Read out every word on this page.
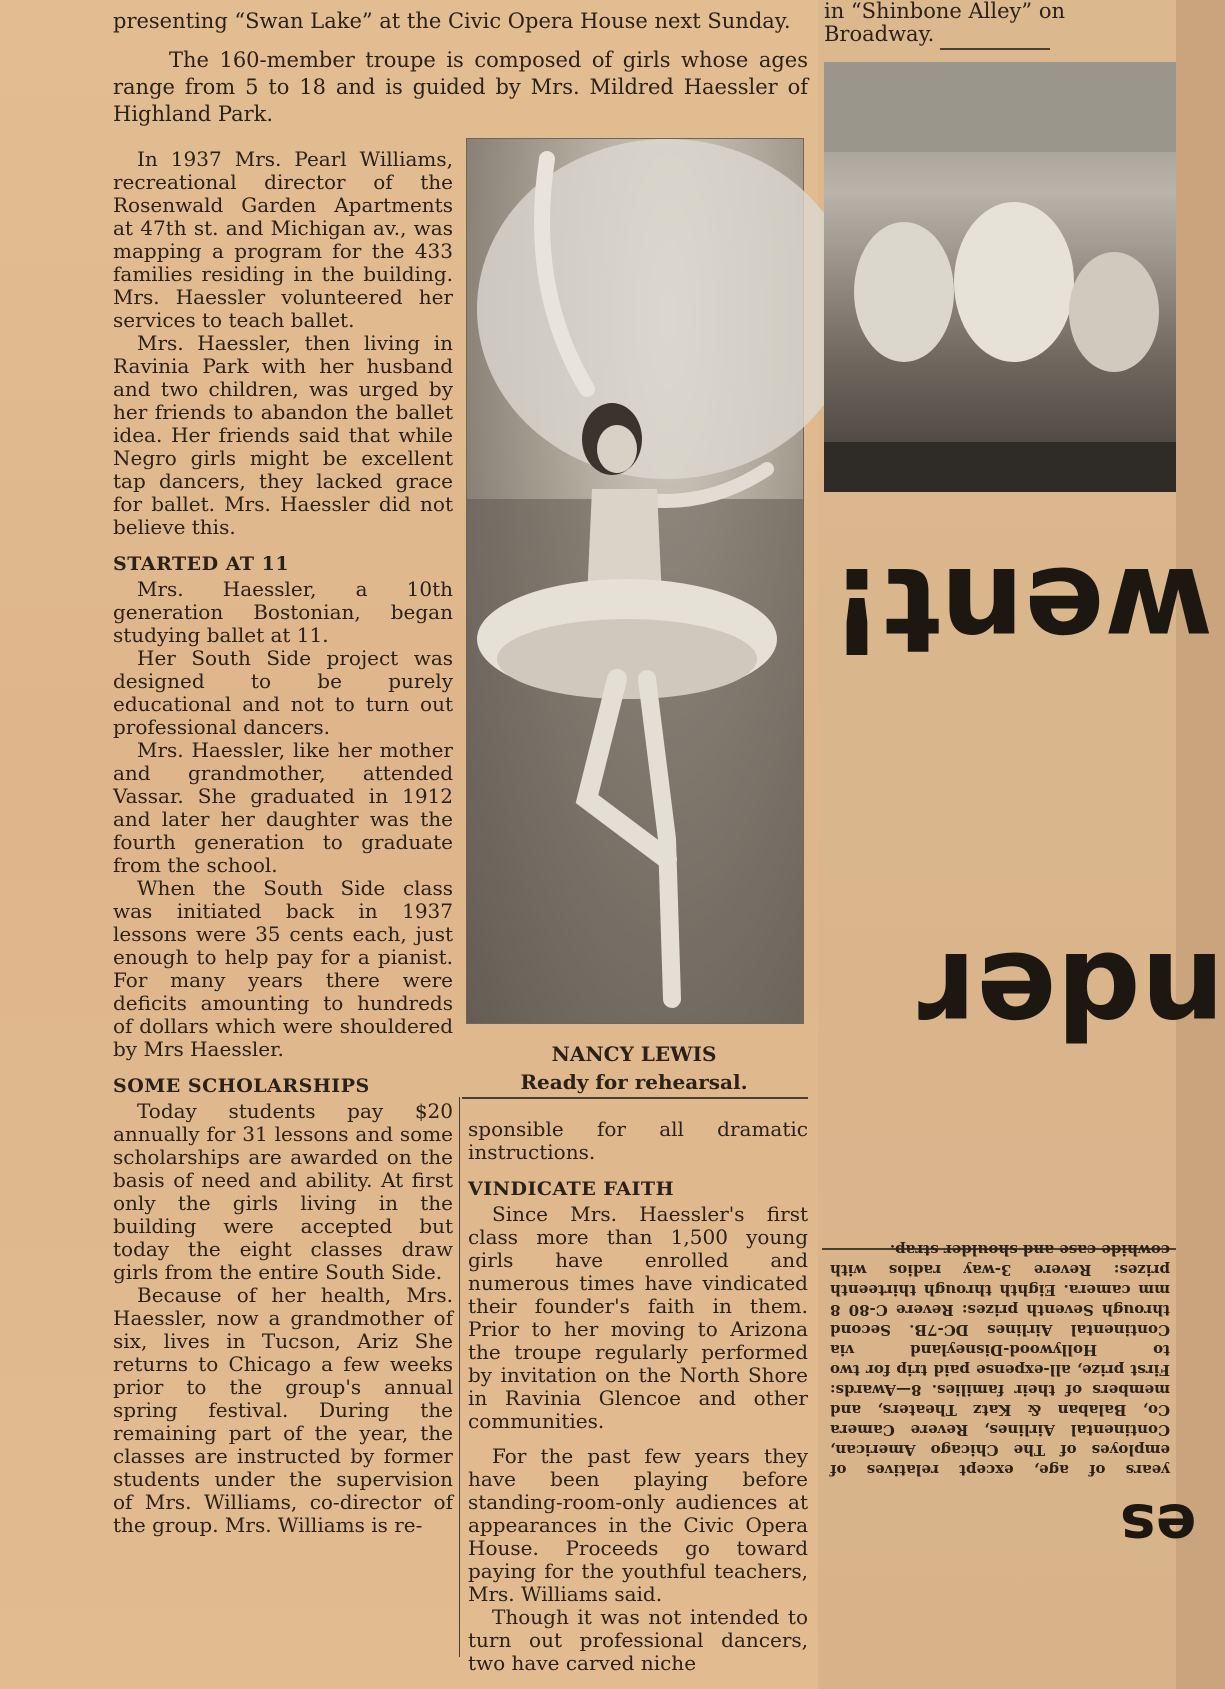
presenting “Swan Lake” at the Civic Opera House next Sunday.

The 160-member troupe is composed of girls whose ages range from 5 to 18 and is guided by Mrs. Mildred Haessler of Highland Park.

In 1937 Mrs. Pearl Williams, recreational director of the Rosenwald Garden Apartments at 47th st. and Michigan av., was mapping a program for the 433 families residing in the building. Mrs. Haessler volunteered her services to teach ballet.

Mrs. Haessler, then living in Ravinia Park with her husband and two children, was urged by her friends to abandon the ballet idea. Her friends said that while Negro girls might be excellent tap dancers, they lacked grace for ballet. Mrs. Haessler did not believe this.

STARTED AT 11

Mrs. Haessler, a 10th generation Bostonian, began studying ballet at 11.

Her South Side project was designed to be purely educational and not to turn out professional dancers.

Mrs. Haessler, like her mother and grandmother, attended Vassar. She graduated in 1912 and later her daughter was the fourth generation to graduate from the school.

When the South Side class was initiated back in 1937 lessons were 35 cents each, just enough to help pay for a pianist. For many years there were deficits amounting to hundreds of dollars which were shouldered by Mrs Haessler.

SOME SCHOLARSHIPS

Today students pay $20 annually for 31 lessons and some scholarships are awarded on the basis of need and ability. At first only the girls living in the building were accepted but today the eight classes draw girls from the entire South Side.

Because of her health, Mrs. Haessler, now a grandmother of six, lives in Tucson, Ariz She returns to Chicago a few weeks prior to the group's annual spring festival. During the remaining part of the year, the classes are instructed by former students under the supervision of Mrs. Williams, co-director of the group. Mrs. Williams is re-

NANCY LEWIS
Ready for rehearsal.

sponsible for all dramatic instructions.

VINDICATE FAITH

Since Mrs. Haessler's first class more than 1,500 young girls have enrolled and numerous times have vindicated their founder's faith in them. Prior to her moving to Arizona the troupe regularly performed by invitation on the North Shore in Ravinia Glencoe and other communities.

For the past few years they have been playing before standing-room-only audiences at appearances in the Civic Opera House. Proceeds go toward paying for the youthful teachers, Mrs. Williams said.

Though it was not intended to turn out professional dancers, two have carved niche

in “Shinbone Alley” on Broadway.
went!
nder
es

years of age, except relatives of employes of The Chicago American, Continental Airlines, Revere Camera Co, Balaban & Katz Theaters, and members of their families. 8—Awards: First prize, all-expense paid trip for two to Hollywood-Disneyland via Continental Airlines DC-7B. Second through Seventh prizes: Revere C-80 8 mm camera. Eighth through thirteenth prizes: Revere 3-way radios with cowhide case and shoulder strap.
